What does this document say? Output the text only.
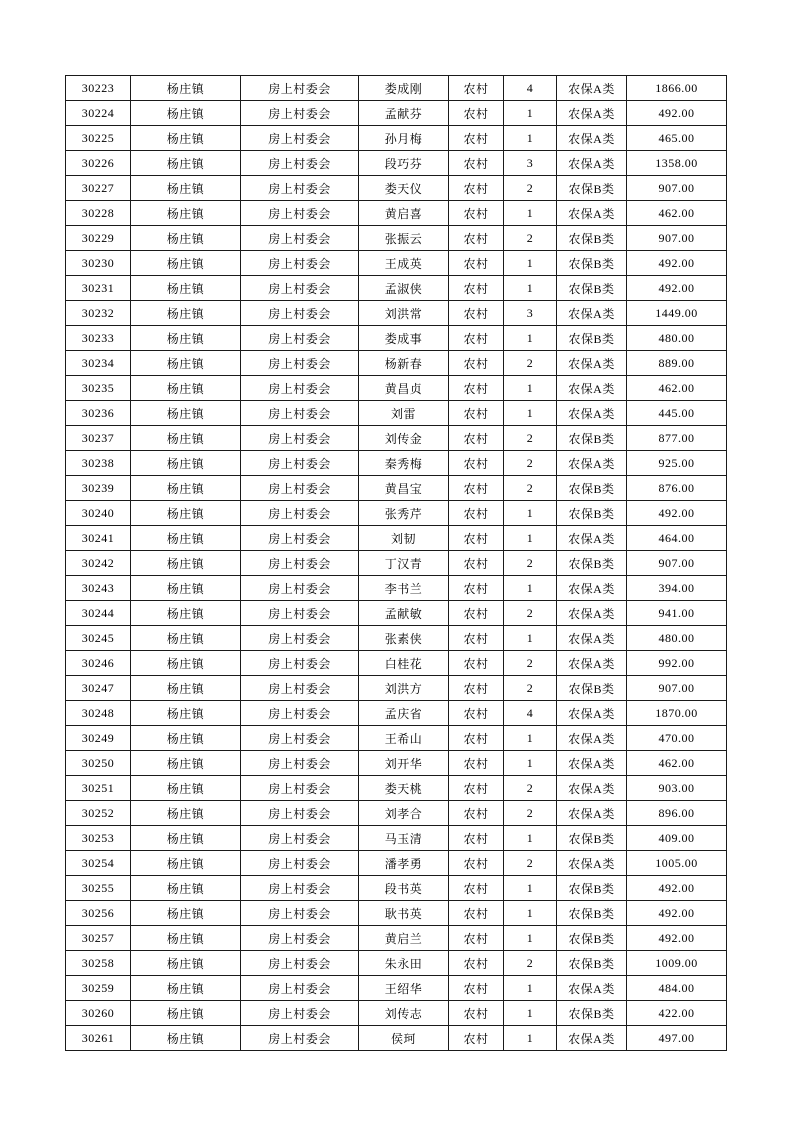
30223	杨庄镇	房上村委会	娄成刚	农村	4	农保A类	1866.00
30224	杨庄镇	房上村委会	孟献芬	农村	1	农保A类	492.00
30225	杨庄镇	房上村委会	孙月梅	农村	1	农保A类	465.00
30226	杨庄镇	房上村委会	段巧芬	农村	3	农保A类	1358.00
30227	杨庄镇	房上村委会	娄天仪	农村	2	农保B类	907.00
30228	杨庄镇	房上村委会	黄启喜	农村	1	农保A类	462.00
30229	杨庄镇	房上村委会	张振云	农村	2	农保B类	907.00
30230	杨庄镇	房上村委会	王成英	农村	1	农保B类	492.00
30231	杨庄镇	房上村委会	孟淑侠	农村	1	农保B类	492.00
30232	杨庄镇	房上村委会	刘洪常	农村	3	农保A类	1449.00
30233	杨庄镇	房上村委会	娄成事	农村	1	农保B类	480.00
30234	杨庄镇	房上村委会	杨新春	农村	2	农保A类	889.00
30235	杨庄镇	房上村委会	黄昌贞	农村	1	农保A类	462.00
30236	杨庄镇	房上村委会	刘雷	农村	1	农保A类	445.00
30237	杨庄镇	房上村委会	刘传金	农村	2	农保B类	877.00
30238	杨庄镇	房上村委会	秦秀梅	农村	2	农保A类	925.00
30239	杨庄镇	房上村委会	黄昌宝	农村	2	农保B类	876.00
30240	杨庄镇	房上村委会	张秀芹	农村	1	农保B类	492.00
30241	杨庄镇	房上村委会	刘韧	农村	1	农保A类	464.00
30242	杨庄镇	房上村委会	丁汉青	农村	2	农保B类	907.00
30243	杨庄镇	房上村委会	李书兰	农村	1	农保A类	394.00
30244	杨庄镇	房上村委会	孟献敏	农村	2	农保A类	941.00
30245	杨庄镇	房上村委会	张素侠	农村	1	农保A类	480.00
30246	杨庄镇	房上村委会	白桂花	农村	2	农保A类	992.00
30247	杨庄镇	房上村委会	刘洪方	农村	2	农保B类	907.00
30248	杨庄镇	房上村委会	孟庆省	农村	4	农保A类	1870.00
30249	杨庄镇	房上村委会	王希山	农村	1	农保A类	470.00
30250	杨庄镇	房上村委会	刘开华	农村	1	农保A类	462.00
30251	杨庄镇	房上村委会	娄天桃	农村	2	农保A类	903.00
30252	杨庄镇	房上村委会	刘孝合	农村	2	农保A类	896.00
30253	杨庄镇	房上村委会	马玉清	农村	1	农保B类	409.00
30254	杨庄镇	房上村委会	潘孝勇	农村	2	农保A类	1005.00
30255	杨庄镇	房上村委会	段书英	农村	1	农保B类	492.00
30256	杨庄镇	房上村委会	耿书英	农村	1	农保B类	492.00
30257	杨庄镇	房上村委会	黄启兰	农村	1	农保B类	492.00
30258	杨庄镇	房上村委会	朱永田	农村	2	农保B类	1009.00
30259	杨庄镇	房上村委会	王绍华	农村	1	农保A类	484.00
30260	杨庄镇	房上村委会	刘传志	农村	1	农保B类	422.00
30261	杨庄镇	房上村委会	侯珂	农村	1	农保A类	497.00
